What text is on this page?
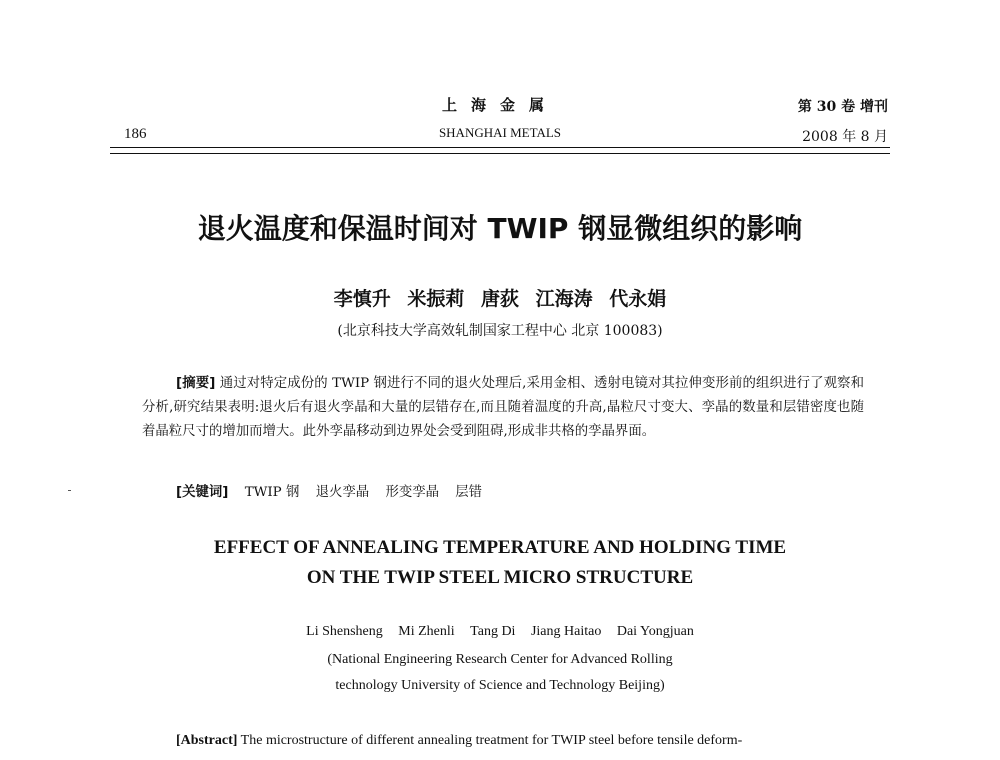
上海金属
SHANGHAI METALS
186
第 30 卷 增刊
2008 年 8 月
退火温度和保温时间对 TWIP 钢显微组织的影响
李慎升 米振莉 唐荻 江海涛 代永娟
(北京科技大学高效轧制国家工程中心 北京 100083)
[摘要] 通过对特定成份的 TWIP 钢进行不同的退火处理后,采用金相、透射电镜对其拉伸变形前的组织进行了观察和分析,研究结果表明:退火后有退火孪晶和大量的层错存在,而且随着温度的升高,晶粒尺寸变大、孪晶的数量和层错密度也随着晶粒尺寸的增加而增大。此外孪晶移动到边界处会受到阻碍,形成非共格的孪晶界面。
[关键词] TWIP 钢 退火孪晶 形变孪晶 层错
EFFECT OF ANNEALING TEMPERATURE AND HOLDING TIME
ON THE TWIP STEEL MICRO STRUCTURE
Li Shensheng Mi Zhenli Tang Di Jiang Haitao Dai Yongjuan
(National Engineering Research Center for Advanced Rolling
technology University of Science and Technology Beijing)
[Abstract] The microstructure of different annealing treatment for TWIP steel before tensile deform-
